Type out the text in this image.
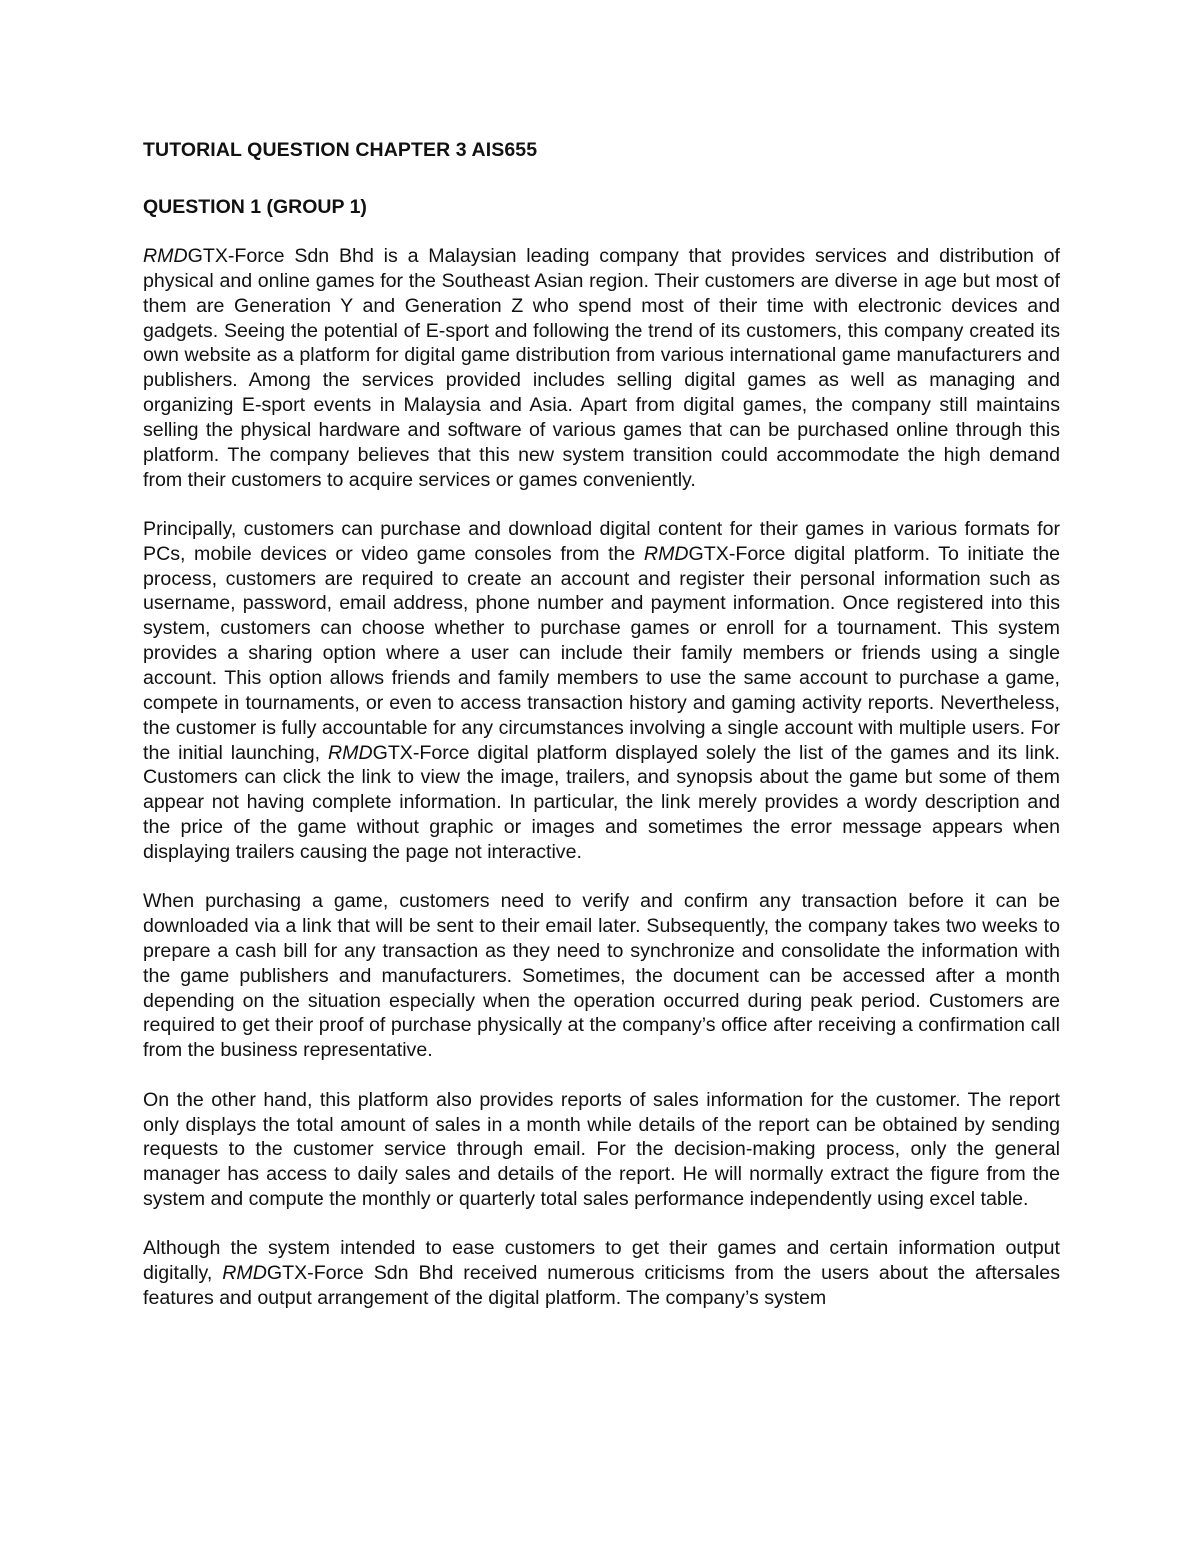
TUTORIAL QUESTION CHAPTER 3 AIS655

QUESTION 1 (GROUP 1)

RMDGTX-Force Sdn Bhd is a Malaysian leading company that provides services and distribution of physical and online games for the Southeast Asian region. Their customers are diverse in age but most of them are Generation Y and Generation Z who spend most of their time with electronic devices and gadgets. Seeing the potential of E-sport and following the trend of its customers, this company created its own website as a platform for digital game distribution from various international game manufacturers and publishers. Among the services provided includes selling digital games as well as managing and organizing E-sport events in Malaysia and Asia. Apart from digital games, the company still maintains selling the physical hardware and software of various games that can be purchased online through this platform. The company believes that this new system transition could accommodate the high demand from their customers to acquire services or games conveniently.

Principally, customers can purchase and download digital content for their games in various formats for PCs, mobile devices or video game consoles from the RMDGTX-Force digital platform. To initiate the process, customers are required to create an account and register their personal information such as username, password, email address, phone number and payment information. Once registered into this system, customers can choose whether to purchase games or enroll for a tournament. This system provides a sharing option where a user can include their family members or friends using a single account. This option allows friends and family members to use the same account to purchase a game, compete in tournaments, or even to access transaction history and gaming activity reports. Nevertheless, the customer is fully accountable for any circumstances involving a single account with multiple users. For the initial launching, RMDGTX-Force digital platform displayed solely the list of the games and its link. Customers can click the link to view the image, trailers, and synopsis about the game but some of them appear not having complete information. In particular, the link merely provides a wordy description and the price of the game without graphic or images and sometimes the error message appears when displaying trailers causing the page not interactive.

When purchasing a game, customers need to verify and confirm any transaction before it can be downloaded via a link that will be sent to their email later. Subsequently, the company takes two weeks to prepare a cash bill for any transaction as they need to synchronize and consolidate the information with the game publishers and manufacturers. Sometimes, the document can be accessed after a month depending on the situation especially when the operation occurred during peak period. Customers are required to get their proof of purchase physically at the company’s office after receiving a confirmation call from the business representative.

On the other hand, this platform also provides reports of sales information for the customer. The report only displays the total amount of sales in a month while details of the report can be obtained by sending requests to the customer service through email. For the decision-making process, only the general manager has access to daily sales and details of the report. He will normally extract the figure from the system and compute the monthly or quarterly total sales performance independently using excel table.

Although the system intended to ease customers to get their games and certain information output digitally, RMDGTX-Force Sdn Bhd received numerous criticisms from the users about the aftersales features and output arrangement of the digital platform. The company’s system
